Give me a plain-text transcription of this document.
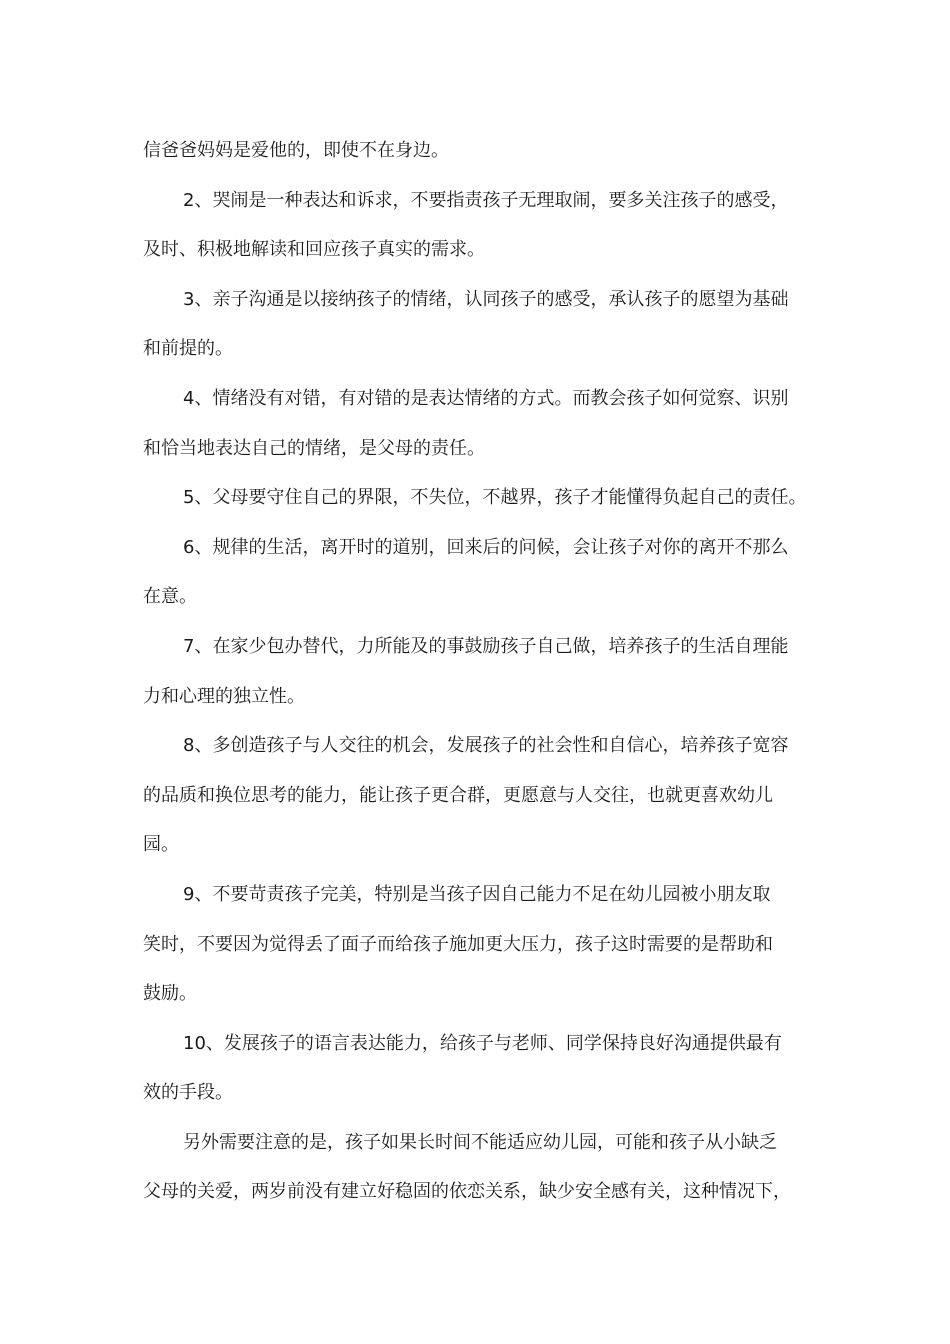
信爸爸妈妈是爱他的，即使不在身边。
2、哭闹是一种表达和诉求，不要指责孩子无理取闹，要多关注孩子的感受，
及时、积极地解读和回应孩子真实的需求。
3、亲子沟通是以接纳孩子的情绪，认同孩子的感受，承认孩子的愿望为基础
和前提的。
4、情绪没有对错，有对错的是表达情绪的方式。而教会孩子如何觉察、识别
和恰当地表达自己的情绪，是父母的责任。
5、父母要守住自己的界限，不失位，不越界，孩子才能懂得负起自己的责任。
6、规律的生活，离开时的道别，回来后的问候，会让孩子对你的离开不那么
在意。
7、在家少包办替代，力所能及的事鼓励孩子自己做，培养孩子的生活自理能
力和心理的独立性。
8、多创造孩子与人交往的机会，发展孩子的社会性和自信心，培养孩子宽容
的品质和换位思考的能力，能让孩子更合群，更愿意与人交往，也就更喜欢幼儿
园。
9、不要苛责孩子完美，特别是当孩子因自己能力不足在幼儿园被小朋友取
笑时，不要因为觉得丢了面子而给孩子施加更大压力，孩子这时需要的是帮助和
鼓励。
10、发展孩子的语言表达能力，给孩子与老师、同学保持良好沟通提供最有
效的手段。
另外需要注意的是，孩子如果长时间不能适应幼儿园，可能和孩子从小缺乏
父母的关爱，两岁前没有建立好稳固的依恋关系，缺少安全感有关，这种情况下，
